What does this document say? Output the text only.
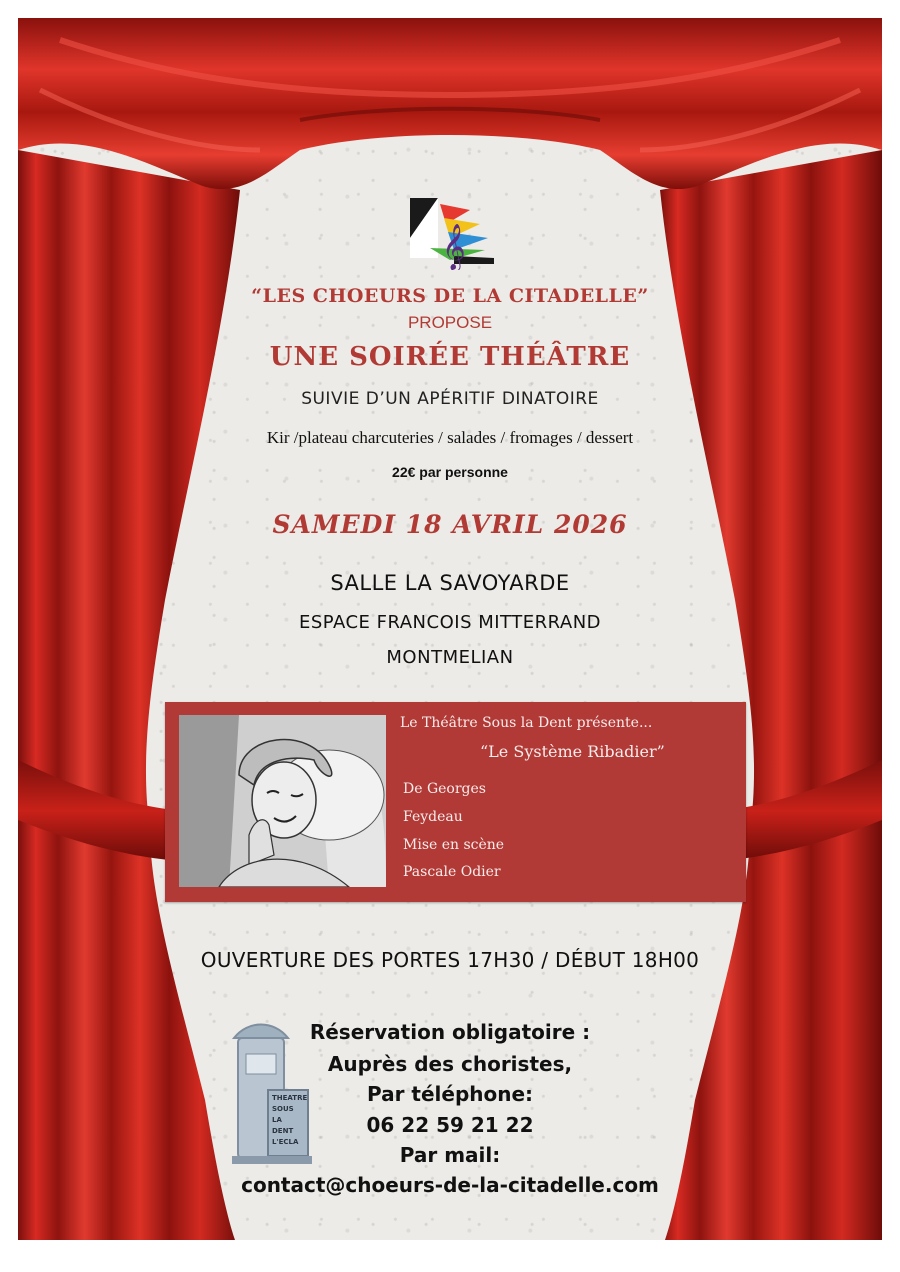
𝄞
“LES CHOEURS DE LA CITADELLE”
PROPOSE
UNE SOIRÉE THÉÂTRE
SUIVIE D’UN APÉRITIF DINATOIRE
Kir /plateau charcuteries / salades / fromages / dessert
22€ par personne
SAMEDI 18 AVRIL 2026
SALLE LA SAVOYARDE
ESPACE FRANCOIS MITTERRAND
MONTMELIAN
Le Théâtre Sous la Dent présente...
“Le Système Ribadier”
De Georges
Feydeau
Mise en scène
Pascale Odier
OUVERTURE DES PORTES 17H30 / DÉBUT 18H00
THEATRE
SOUS
LA
DENT
L'ECLA
Réservation obligatoire :
Auprès des choristes,
Par téléphone:
06 22 59 21 22
Par mail:
contact@choeurs-de-la-citadelle.com
